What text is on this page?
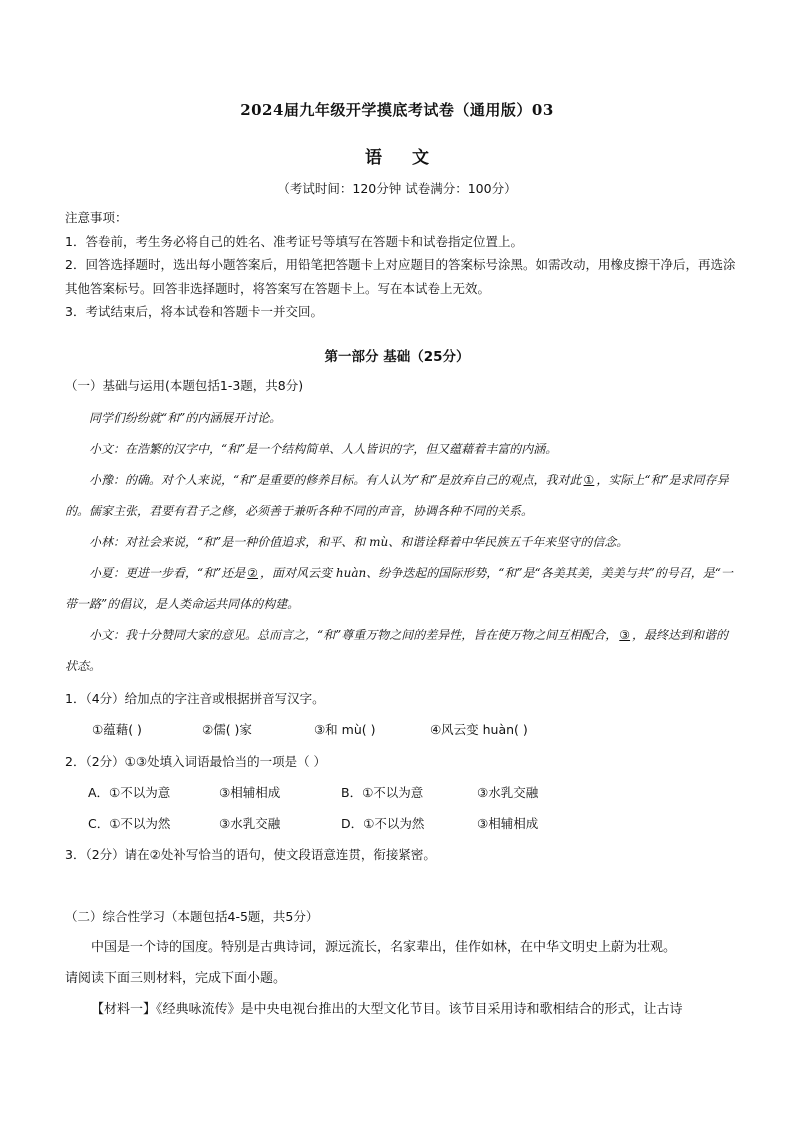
2024届九年级开学摸底考试卷（通用版）03
语文
（考试时间：120分钟 试卷满分：100分）
注意事项：
1．答卷前，考生务必将自己的姓名、准考证号等填写在答题卡和试卷指定位置上。
2．回答选择题时，选出每小题答案后，用铅笔把答题卡上对应题目的答案标号涂黑。如需改动，用橡皮擦干净后，再选涂其他答案标号。回答非选择题时，将答案写在答题卡上。写在本试卷上无效。
3．考试结束后，将本试卷和答题卡一并交回。
第一部分 基础（25分）
（一）基础与运用(本题包括1-3题，共8分)

同学们纷纷就“和”的内涵展开讨论。

小文：在浩繁的汉字中，“和”是一个结构简单、人人皆识的字，但又蕴藉着丰富的内涵。

小豫：的确。对个人来说，“和”是重要的修养目标。有人认为“和”是放弃自己的观点，我对此 ① ，实际上“和”是求同存异的。儒家主张，君要有君子之修，必须善于兼听各种不同的声音，协调各种不同的关系。

小林：对社会来说，“和”是一种价值追求，和平、和 mù、和谐诠释着中华民族五千年来坚守的信念。

小夏：更进一步看，“和”还是 ② ，面对风云变 huàn、纷争迭起的国际形势，“和”是“各美其美，美美与共”的号召，是“一带一路”的倡议，是人类命运共同体的构建。

小文：我十分赞同大家的意见。总而言之，“和”尊重万物之间的差异性，旨在使万物之间互相配合， ③ ，最终达到和谐的状态。

1．（4分）给加点的字注音或根据拼音写汉字。
①蕴藉( )	②儒( )家	③和 mù( )	④风云变 huàn( )
2．（2分）①③处填入词语最恰当的一项是（ ）
A．①不以为意	③相辅相成	B．①不以为意	③水乳交融
C．①不以为然	③水乳交融	D．①不以为然	③相辅相成
3．（2分）请在②处补写恰当的语句，使文段语意连贯，衔接紧密。
（二）综合性学习（本题包括4-5题，共5分）

中国是一个诗的国度。特别是古典诗词，源远流长，名家辈出，佳作如林，在中华文明史上蔚为壮观。

请阅读下面三则材料，完成下面小题。

【材料一】《经典咏流传》是中央电视台推出的大型文化节目。该节目采用诗和歌相结合的形式，让古诗
